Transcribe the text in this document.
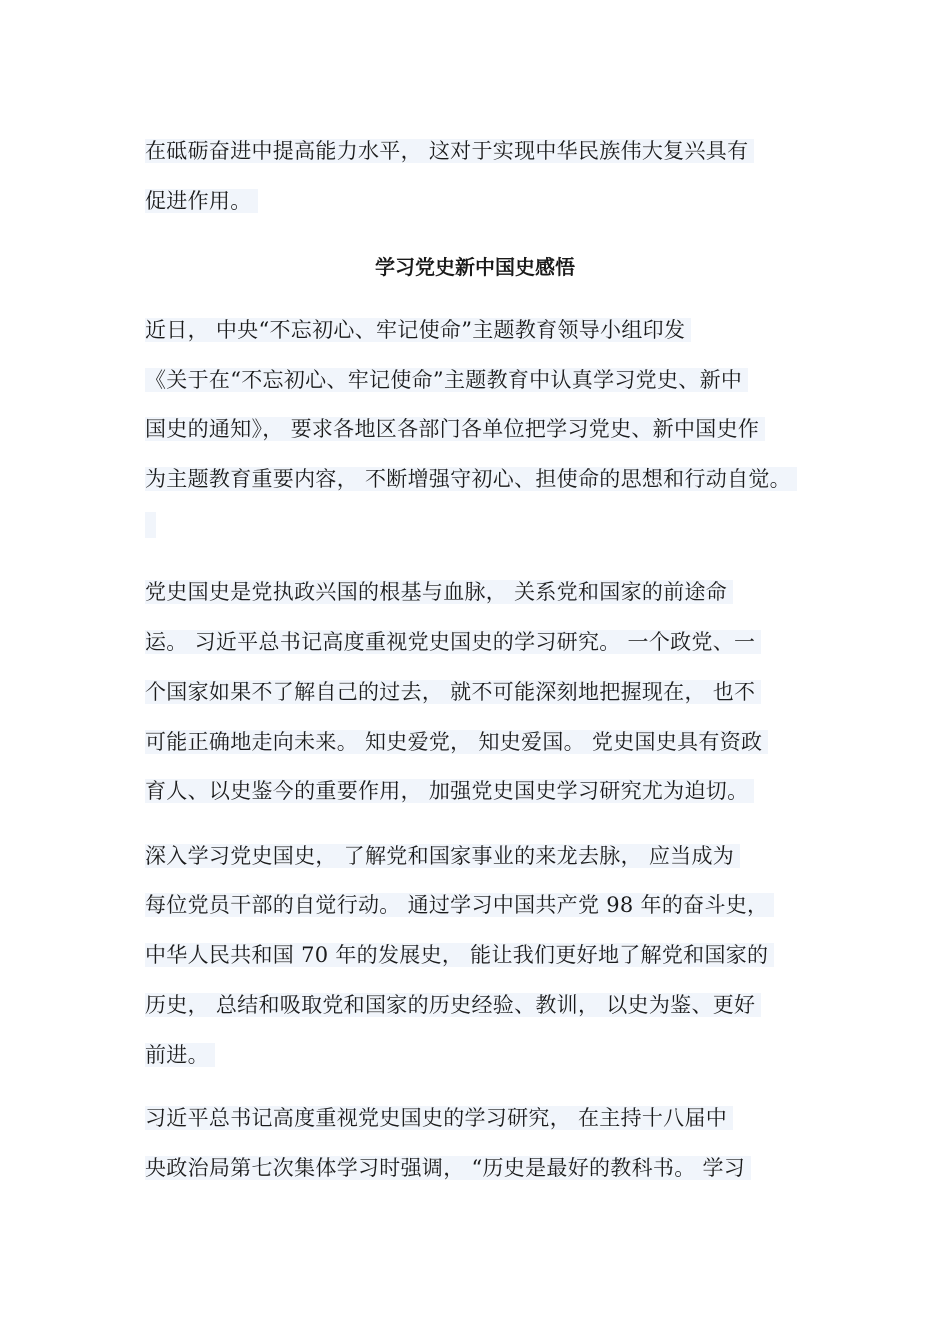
在砥砺奋进中提高能力水平， 这对于实现中华民族伟大复兴具有
促进作用。
学习党史新中国史感悟
近日， 中央“不忘初心、牢记使命”主题教育领导小组印发
《关于在“不忘初心、牢记使命”主题教育中认真学习党史、新中
国史的通知》， 要求各地区各部门各单位把学习党史、新中国史作
为主题教育重要内容， 不断增强守初心、担使命的思想和行动自觉。
党史国史是党执政兴国的根基与血脉， 关系党和国家的前途命
运。 习近平总书记高度重视党史国史的学习研究。 一个政党、一
个国家如果不了解自己的过去， 就不可能深刻地把握现在， 也不
可能正确地走向未来。 知史爱党， 知史爱国。 党史国史具有资政
育人、以史鉴今的重要作用， 加强党史国史学习研究尤为迫切。
深入学习党史国史， 了解党和国家事业的来龙去脉， 应当成为
每位党员干部的自觉行动。 通过学习中国共产党 98 年的奋斗史，
中华人民共和国 70 年的发展史， 能让我们更好地了解党和国家的
历史， 总结和吸取党和国家的历史经验、教训， 以史为鉴、更好
前进。
习近平总书记高度重视党史国史的学习研究， 在主持十八届中
央政治局第七次集体学习时强调， “历史是最好的教科书。 学习
